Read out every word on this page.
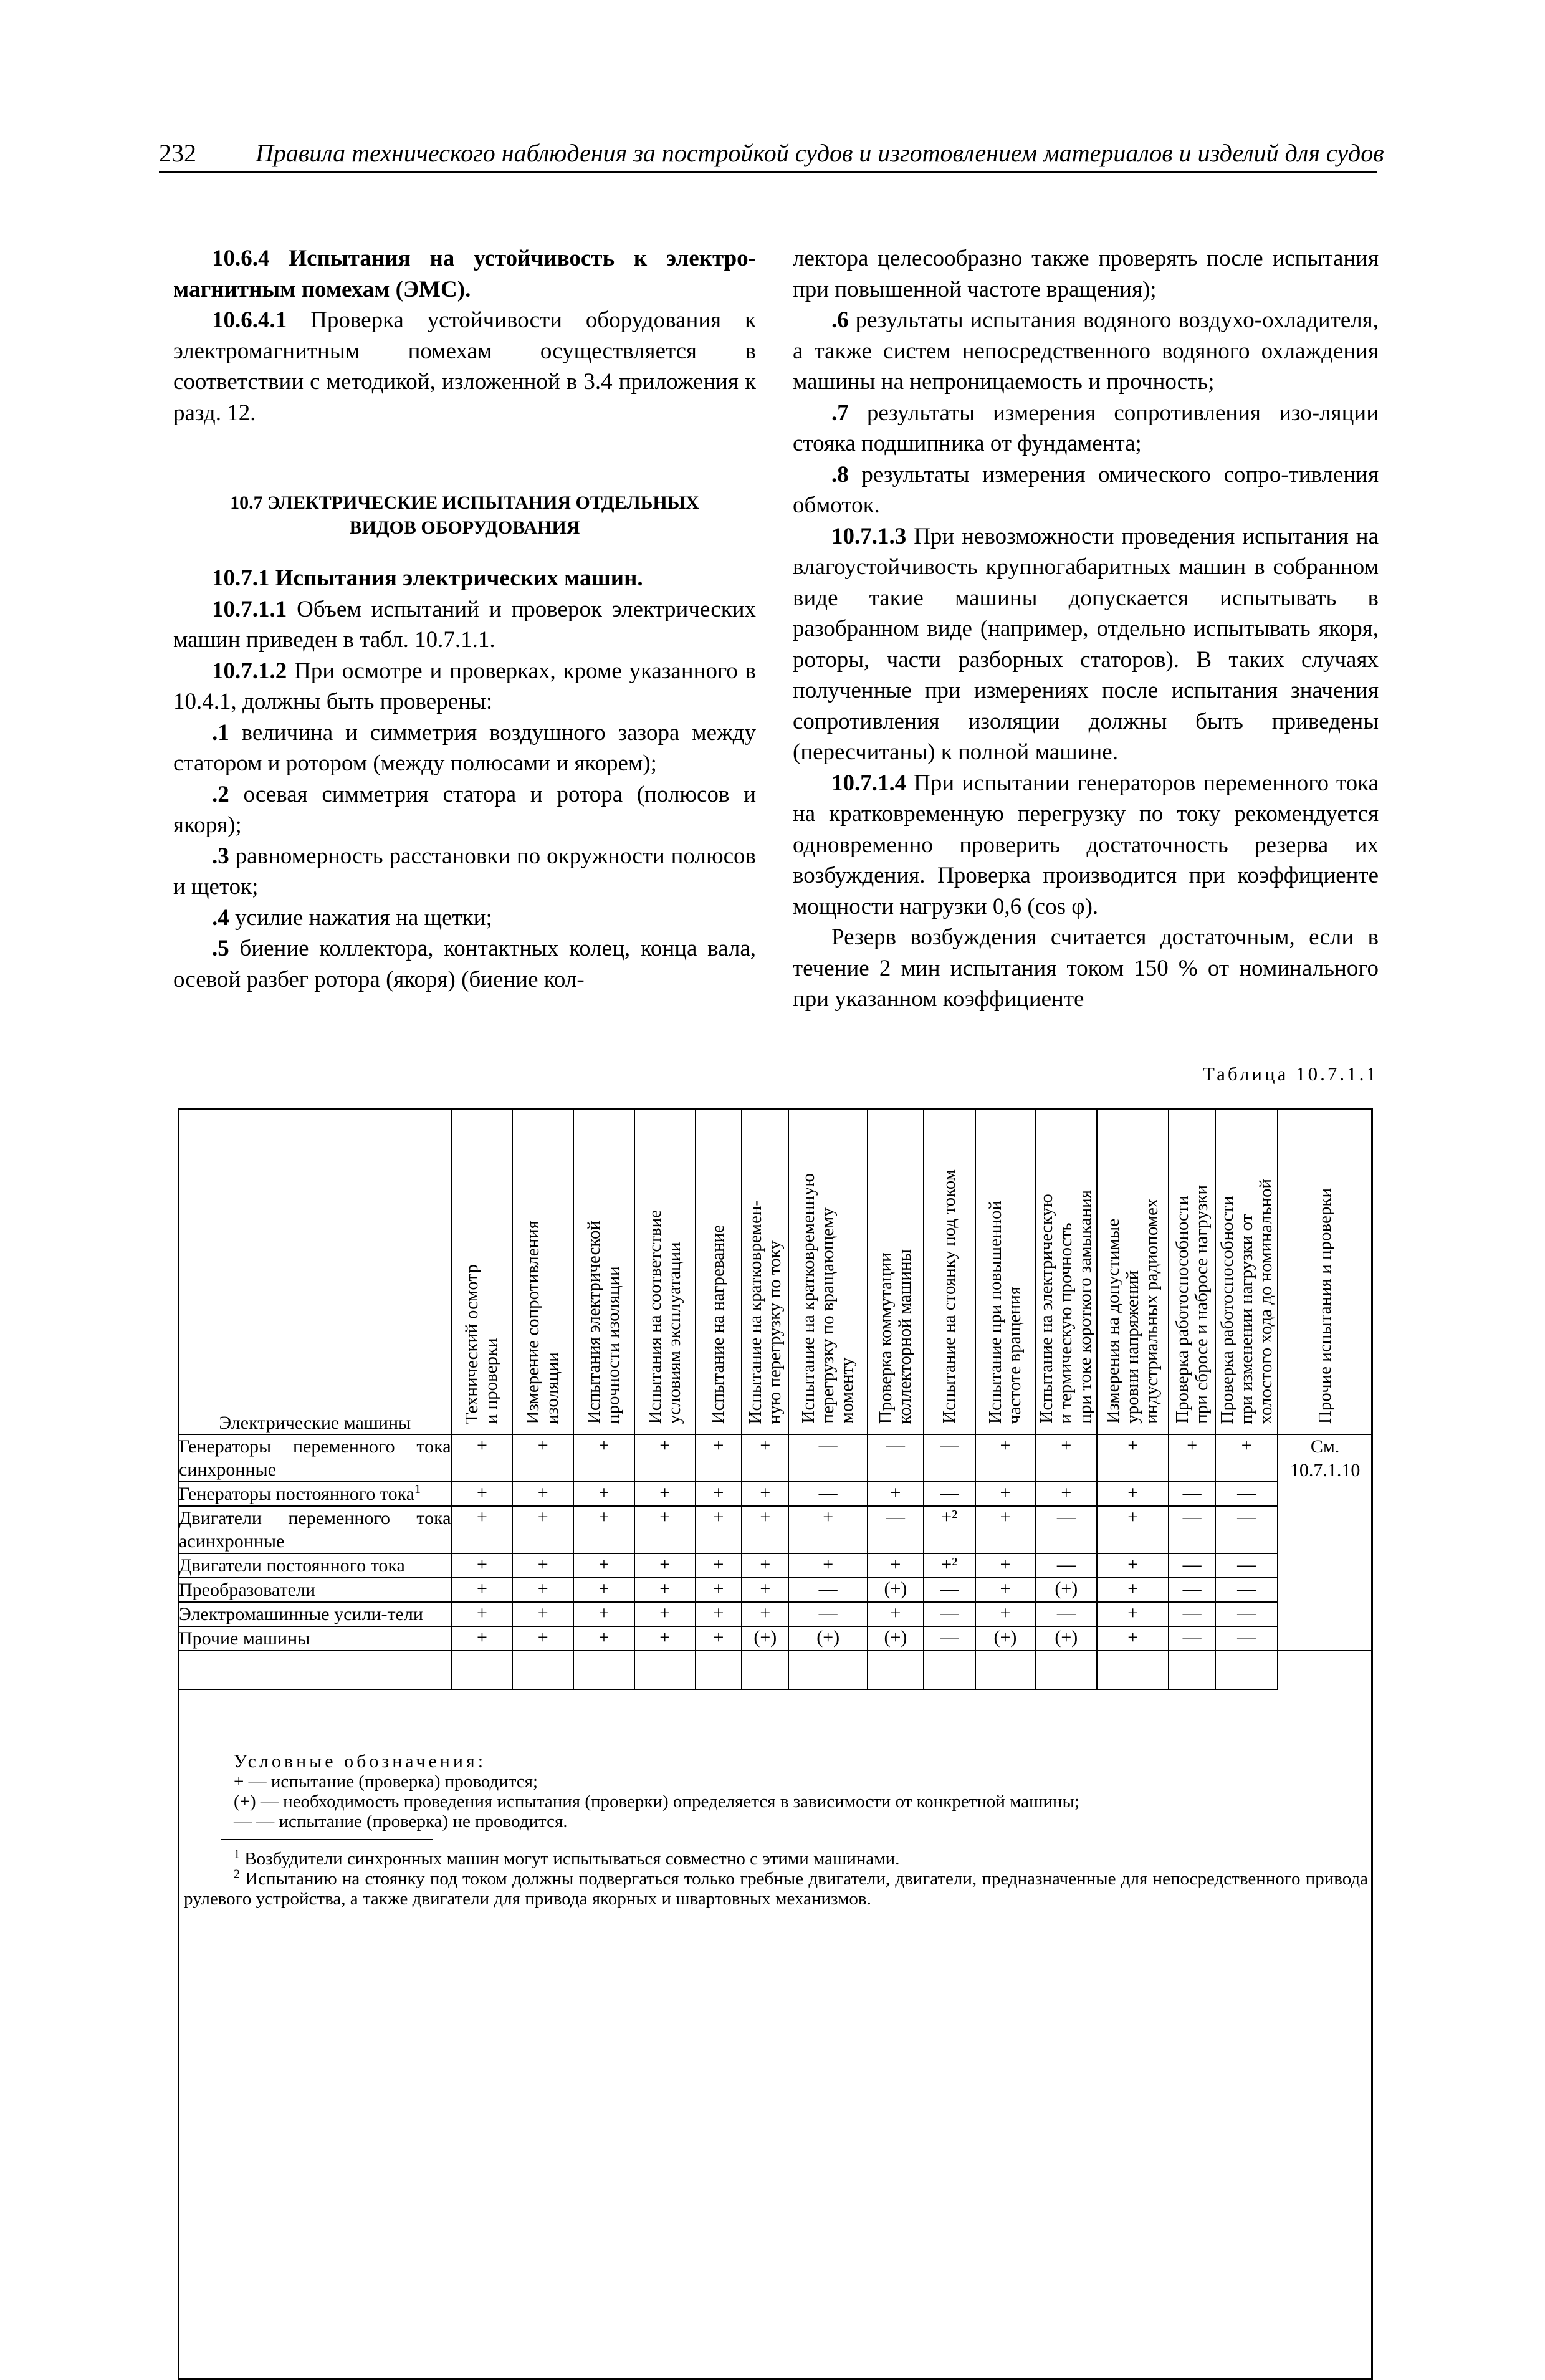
232 Правила технического наблюдения за постройкой судов и изготовлением материалов и изделий для судов

10.6.4 Испытания на устойчивость к электро-магнитным помехам (ЭМС).

10.6.4.1 Проверка устойчивости оборудования к электромагнитным помехам осуществляется в соответствии с методикой, изложенной в 3.4 приложения к разд. 12.

10.7 ЭЛЕКТРИЧЕСКИЕ ИСПЫТАНИЯ ОТДЕЛЬНЫХ
ВИДОВ ОБОРУДОВАНИЯ

10.7.1 Испытания электрических машин.

10.7.1.1 Объем испытаний и проверок электрических машин приведен в табл. 10.7.1.1.

10.7.1.2 При осмотре и проверках, кроме указанного в 10.4.1, должны быть проверены:

.1 величина и симметрия воздушного зазора между статором и ротором (между полюсами и якорем);

.2 осевая симметрия статора и ротора (полюсов и якоря);

.3 равномерность расстановки по окружности полюсов и щеток;

.4 усилие нажатия на щетки;

.5 биение коллектора, контактных колец, конца вала, осевой разбег ротора (якоря) (биение кол-

лектора целесообразно также проверять после испытания при повышенной частоте вращения);

.6 результаты испытания водяного воздухо-охладителя, а также систем непосредственного водяного охлаждения машины на непроницаемость и прочность;

.7 результаты измерения сопротивления изо-ляции стояка подшипника от фундамента;

.8 результаты измерения омического сопро-тивления обмоток.

10.7.1.3 При невозможности проведения испытания на влагоустойчивость крупногабаритных машин в собранном виде такие машины допускается испытывать в разобранном виде (например, отдельно испытывать якоря, роторы, части разборных статоров). В таких случаях полученные при измерениях после испытания значения сопротивления изоляции должны быть приведены (пересчитаны) к полной машине.

10.7.1.4 При испытании генераторов переменного тока на кратковременную перегрузку по току рекомендуется одновременно проверить достаточность резерва их возбуждения. Проверка производится при коэффициенте мощности нагрузки 0,6 (cos φ).

Резерв возбуждения считается достаточным, если в течение 2 мин испытания током 150 % от номинального при указанном коэффициенте

Таблица 10.7.1.1
Электрические машины	Технический осмотр
и проверки	Измерение сопротивления
изоляции	Испытания электрической
прочности изоляции	Испытания на соответствие
условиям эксплуатации	Испытание на нагревание	Испытание на кратковремен-
ную перегрузку по току	Испытание на кратковременную
перегрузку по вращающему
моменту	Проверка коммутации
коллекторной машины	Испытание на стоянку под током	Испытание при повышенной
частоте вращения	Испытание на электрическую
и термическую прочность
при токе короткого замыкания	Измерения на допустимые
уровни напряжений
индустриальных радиопомех	Проверка работоспособности
при сбросе и набросе нагрузки	Проверка работоспособности
при изменении нагрузки от
холостого хода до номинальной	Прочие испытания и проверки
Генераторы переменного тока синхронные	+	+	+	+	+	+	—	—	—	+	+	+	+	+	См. 10.7.1.10
Генераторы постоянного тока$^1$	+	+	+	+	+	+	—	+	—	+	+	+	—	—	
Двигатели переменного тока асинхронные	+	+	+	+	+	+	+	—	+²	+	—	+	—	—	
Двигатели постоянного тока	+	+	+	+	+	+	+	+	+²	+	—	+	—	—	
Преобразователи	+	+	+	+	+	+	—	(+)	—	+	(+)	+	—	—	
Электромашинные усили-тели	+	+	+	+	+	+	—	+	—	+	—	+	—	—	
Прочие машины	+	+	+	+	+	(+)	(+)	(+)	—	(+)	(+)	+	—	—	

Условные обозначения:
+ — испытание (проверка) проводится;
(+) — необходимость проведения испытания (проверки) определяется в зависимости от конкретной машины;
— — испытание (проверка) не проводится.
$^1$ Возбудители синхронных машин могут испытываться совместно с этими машинами.
$^2$ Испытанию на стоянку под током должны подвергаться только гребные двигатели, двигатели, предназначенные для непосредственного привода рулевого устройства, а также двигатели для привода якорных и швартовных механизмов.
